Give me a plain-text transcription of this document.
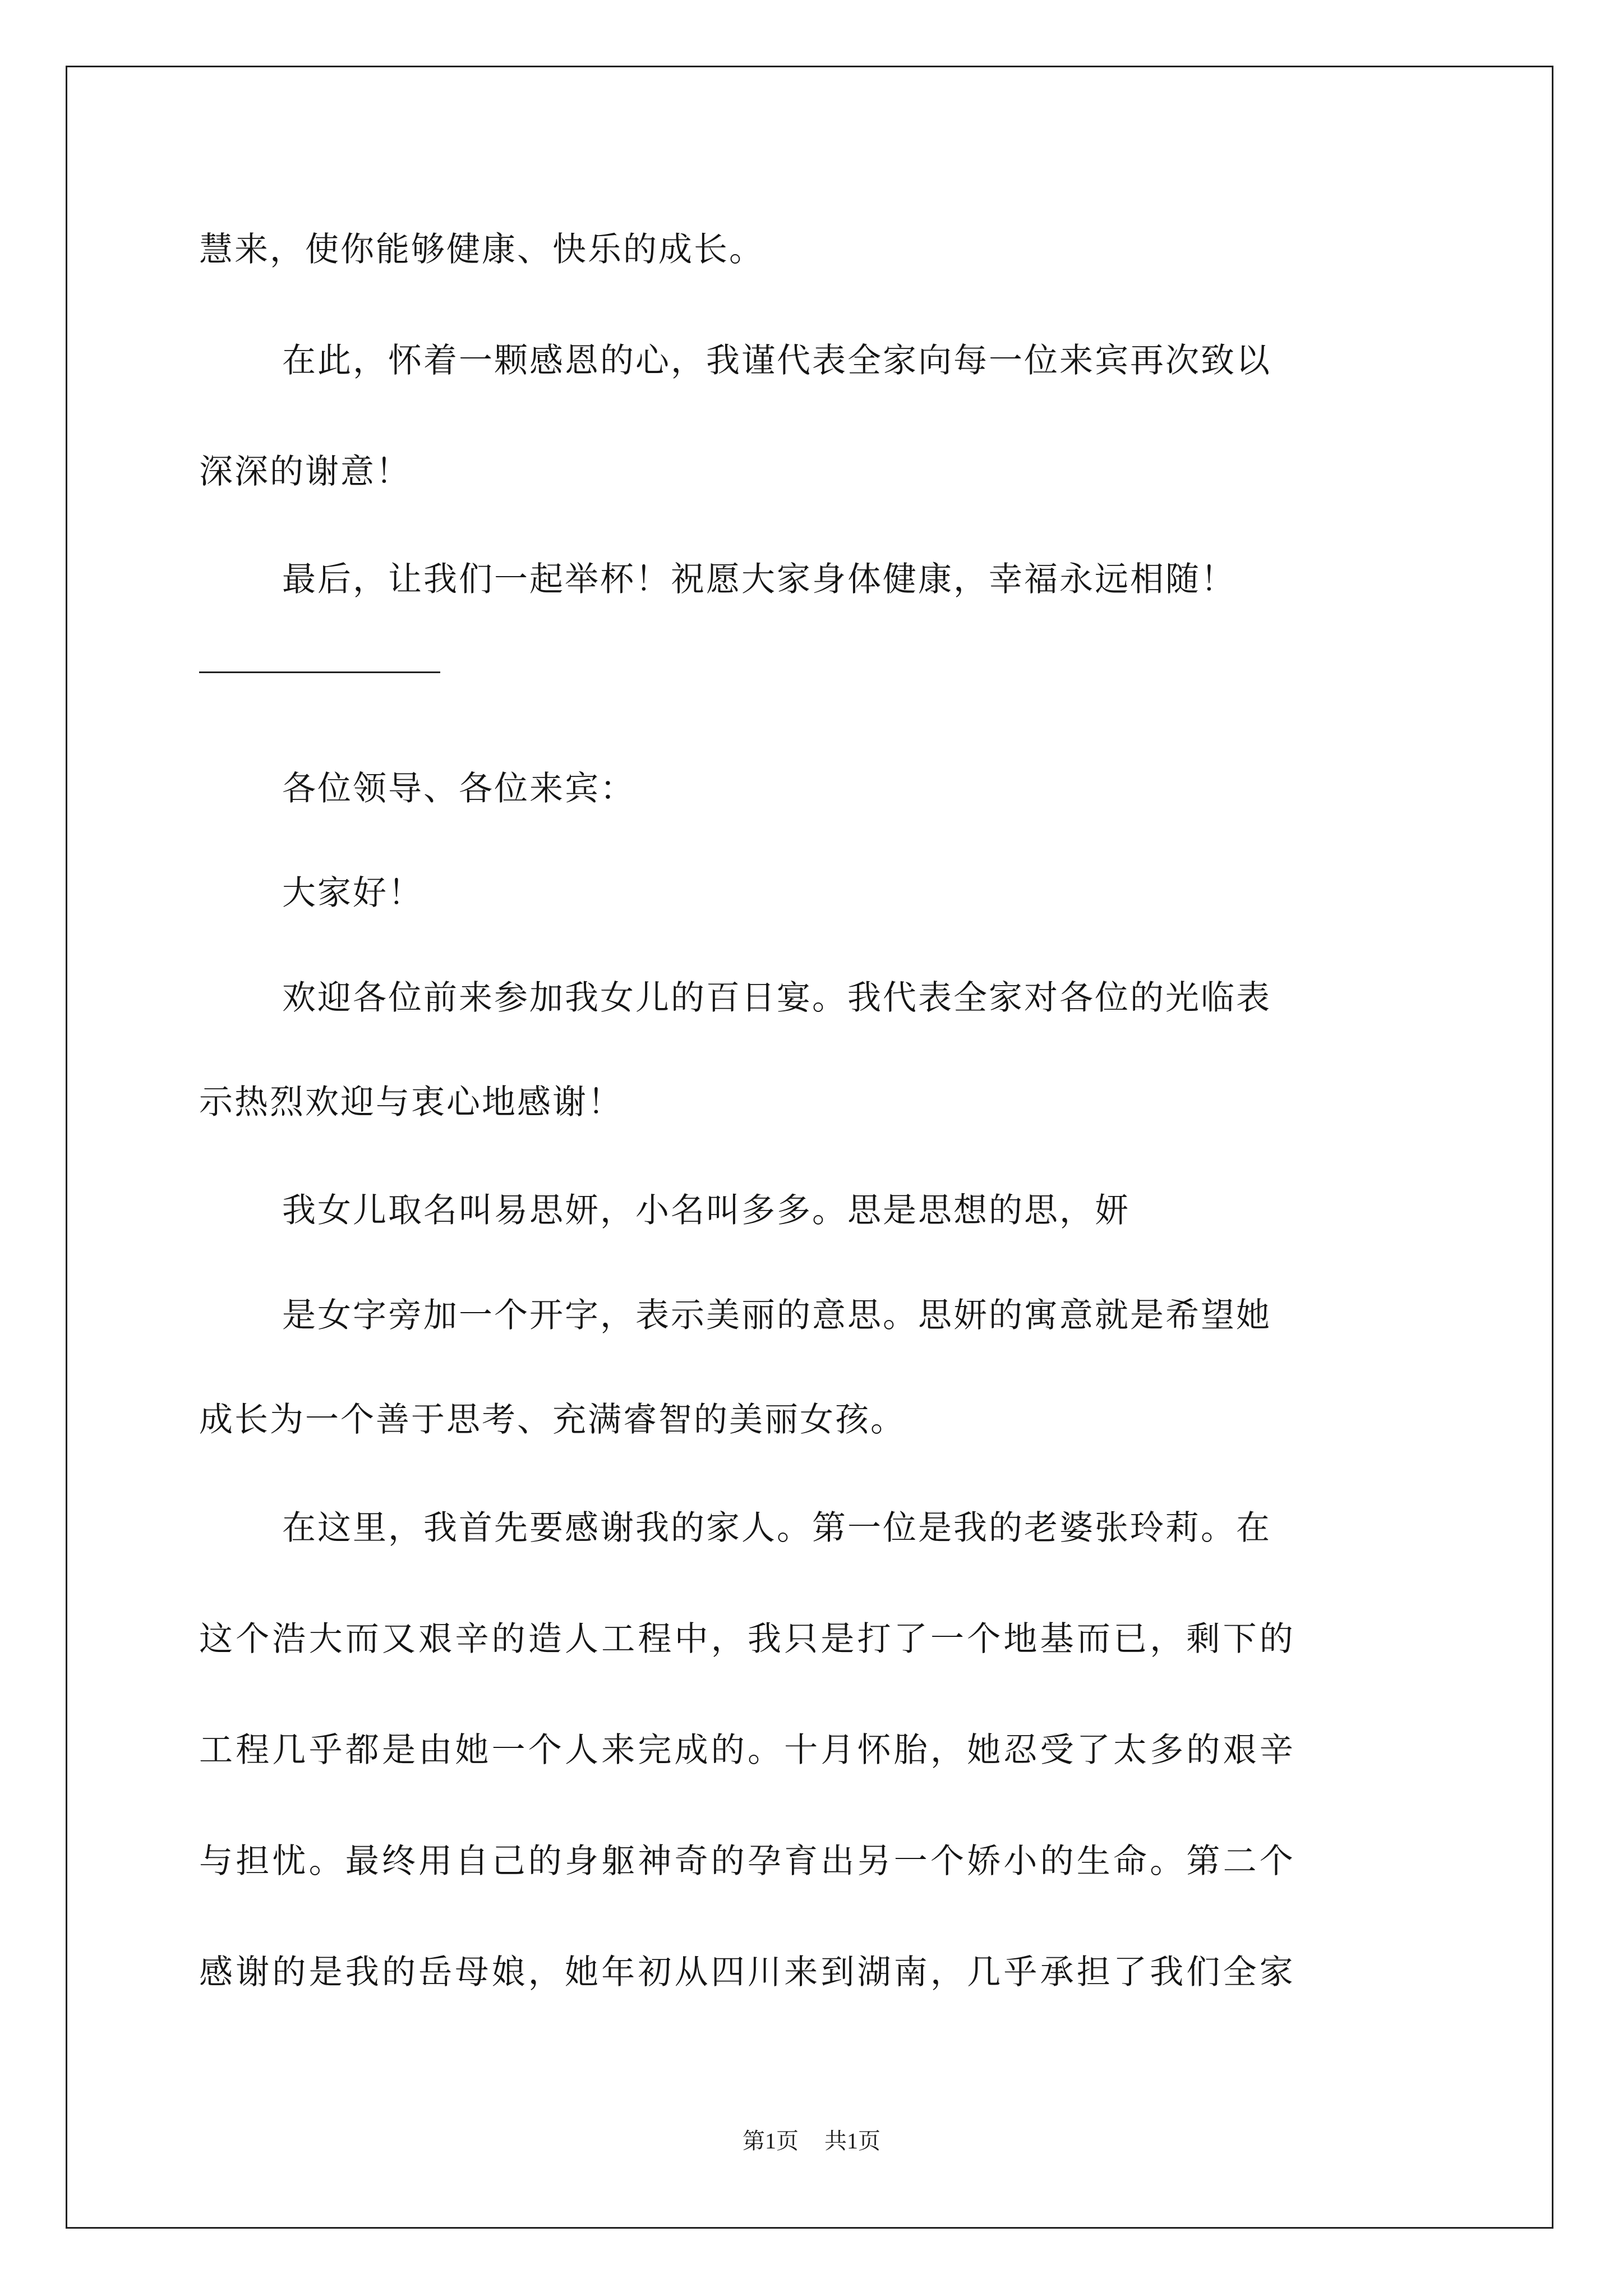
慧来，使你能够健康、快乐的成长。
在此，怀着一颗感恩的心，我谨代表全家向每一位来宾再次致以
深深的谢意！
最后，让我们一起举杯！祝愿大家身体健康，幸福永远相随！
各位领导、各位来宾：
大家好！
欢迎各位前来参加我女儿的百日宴。我代表全家对各位的光临表
示热烈欢迎与衷心地感谢！
我女儿取名叫易思妍，小名叫多多。思是思想的思，妍
是女字旁加一个开字，表示美丽的意思。思妍的寓意就是希望她
成长为一个善于思考、充满睿智的美丽女孩。
在这里，我首先要感谢我的家人。第一位是我的老婆张玲莉。在
这个浩大而又艰辛的造人工程中，我只是打了一个地基而已，剩下的
工程几乎都是由她一个人来完成的。十月怀胎，她忍受了太多的艰辛
与担忧。最终用自己的身躯神奇的孕育出另一个娇小的生命。第二个
感谢的是我的岳母娘，她年初从四川来到湖南，几乎承担了我们全家
第1页 共1页
